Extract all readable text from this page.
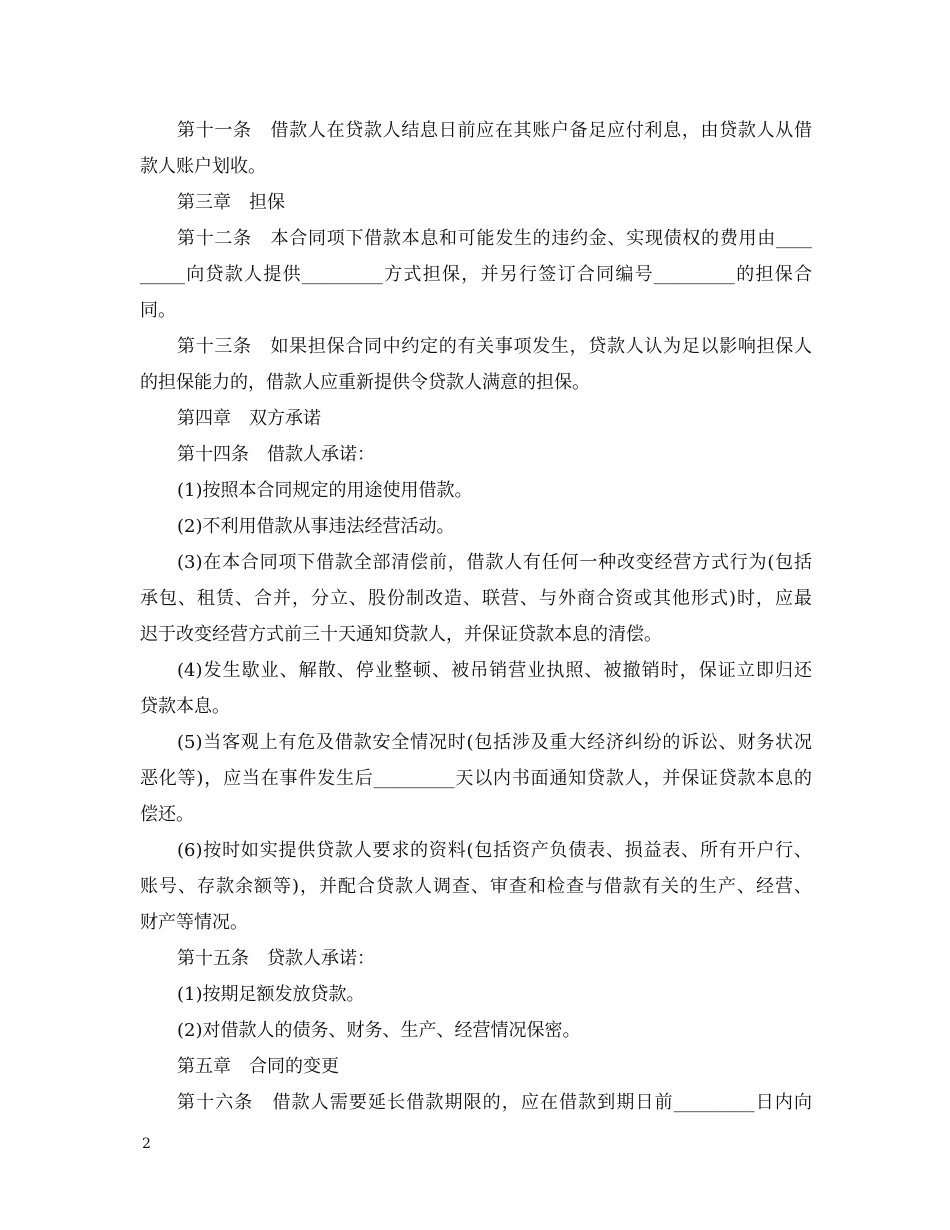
第十一条　借款人在贷款人结息日前应在其账户备足应付利息，由贷款人从借
款人账户划收。
第三章　担保
第十二条　本合同项下借款本息和可能发生的违约金、实现债权的费用由____
_____向贷款人提供_________方式担保，并另行签订合同编号_________的担保合
同。
第十三条　如果担保合同中约定的有关事项发生，贷款人认为足以影响担保人
的担保能力的，借款人应重新提供令贷款人满意的担保。
第四章　双方承诺
第十四条　借款人承诺：
(1)按照本合同规定的用途使用借款。
(2)不利用借款从事违法经营活动。
(3)在本合同项下借款全部清偿前，借款人有任何一种改变经营方式行为(包括
承包、租赁、合并，分立、股份制改造、联营、与外商合资或其他形式)时，应最
迟于改变经营方式前三十天通知贷款人，并保证贷款本息的清偿。
(4)发生歇业、解散、停业整顿、被吊销营业执照、被撤销时，保证立即归还
贷款本息。
(5)当客观上有危及借款安全情况时(包括涉及重大经济纠纷的诉讼、财务状况
恶化等)，应当在事件发生后_________天以内书面通知贷款人，并保证贷款本息的
偿还。
(6)按时如实提供贷款人要求的资料(包括资产负债表、损益表、所有开户行、
账号、存款余额等)，并配合贷款人调查、审查和检查与借款有关的生产、经营、
财产等情况。
第十五条　贷款人承诺：
(1)按期足额发放贷款。
(2)对借款人的债务、财务、生产、经营情况保密。
第五章　合同的变更
第十六条　借款人需要延长借款期限的，应在借款到期日前_________日内向
2
